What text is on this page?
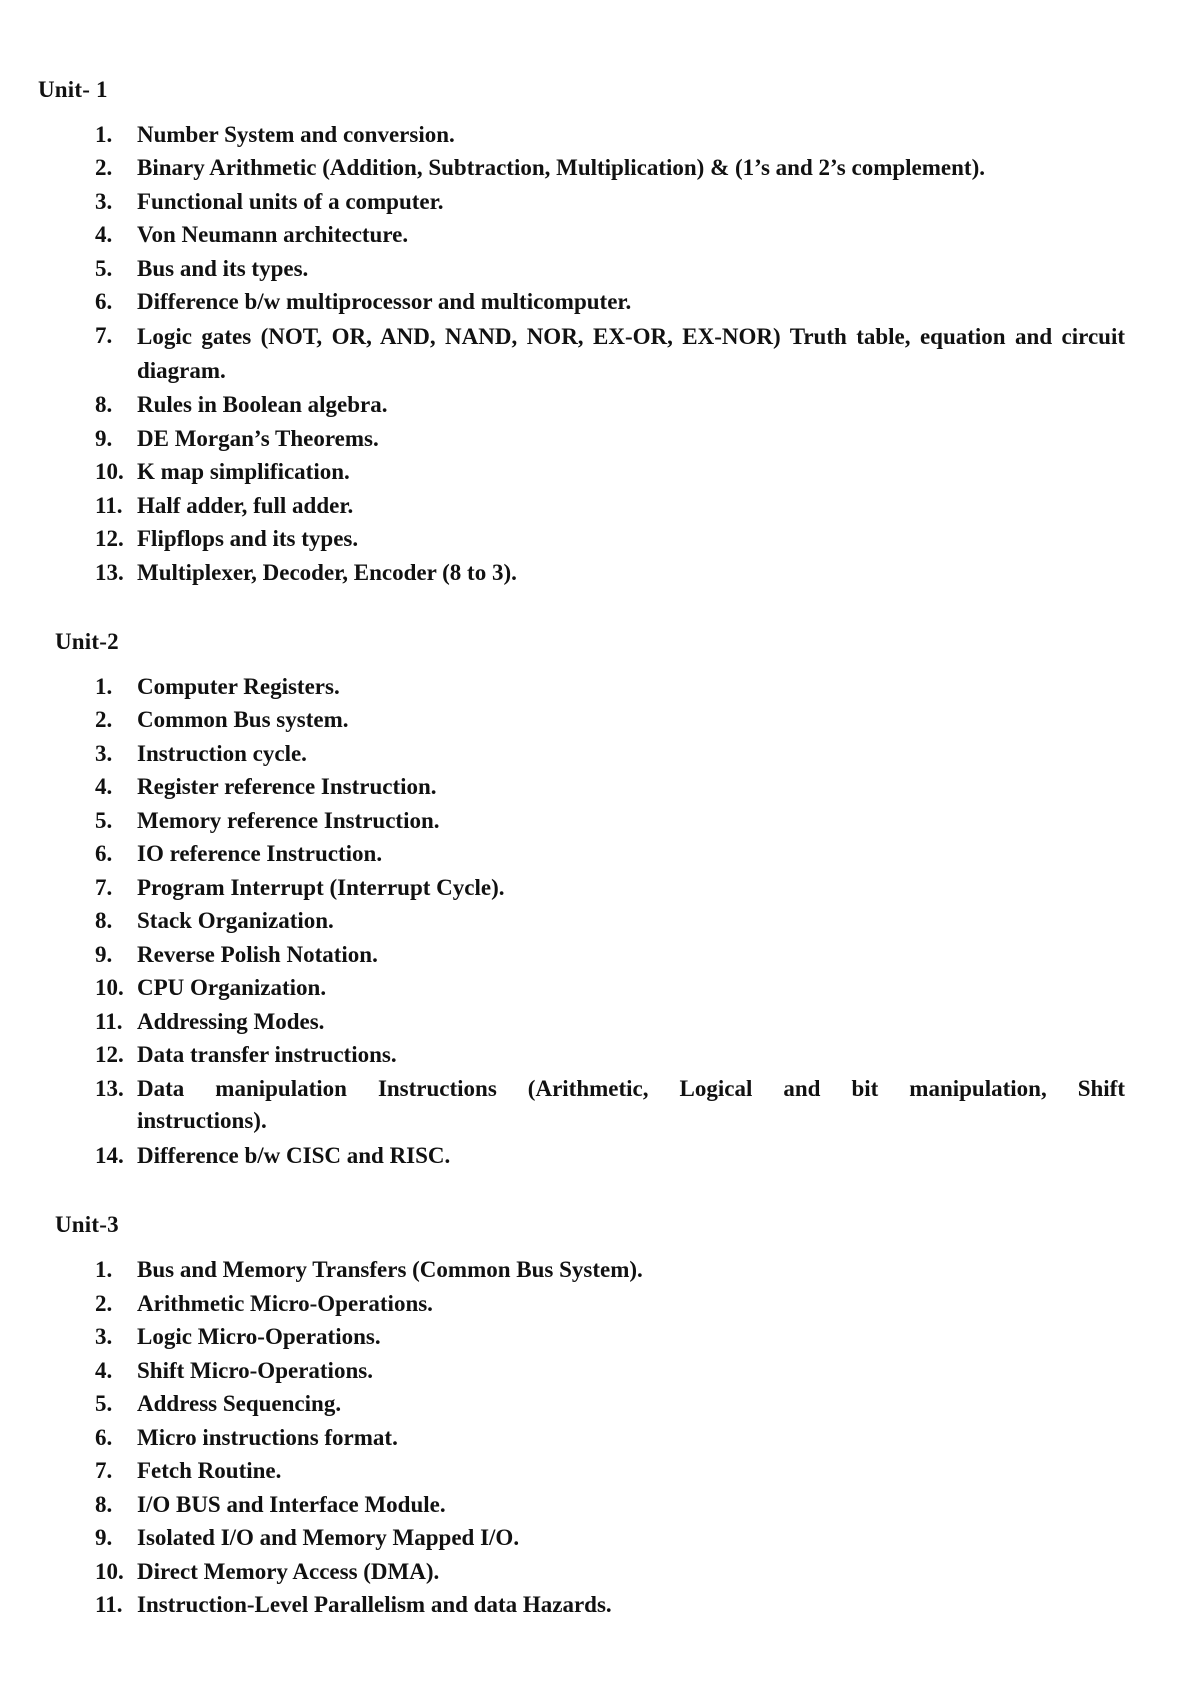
Unit- 1
1.	Number System and conversion.
2.	Binary Arithmetic (Addition, Subtraction, Multiplication) & (1’s and 2’s complement).
3.	Functional units of a computer.
4.	Von Neumann architecture.
5.	Bus and its types.
6.	Difference b/w multiprocessor and multicomputer.
7.	Logic gates (NOT, OR, AND, NAND, NOR, EX-OR, EX-NOR) Truth table, equation and circuit diagram.
8.	Rules in Boolean algebra.
9.	DE Morgan’s Theorems.
10. K map simplification.
11. Half adder, full adder.
12. Flipflops and its types.
13. Multiplexer, Decoder, Encoder (8 to 3).
Unit-2
1.	Computer Registers.
2.	Common Bus system.
3.	Instruction cycle.
4.	Register reference Instruction.
5.	Memory reference Instruction.
6.	IO reference Instruction.
7.	Program Interrupt (Interrupt Cycle).
8.	Stack Organization.
9.	Reverse Polish Notation.
10. CPU Organization.
11. Addressing Modes.
12. Data transfer instructions.
13. Data manipulation Instructions (Arithmetic, Logical and bit manipulation, Shift instructions).
14. Difference b/w CISC and RISC.
Unit-3
1.	Bus and Memory Transfers (Common Bus System).
2.	Arithmetic Micro-Operations.
3.	Logic Micro-Operations.
4.	Shift Micro-Operations.
5.	Address Sequencing.
6.	Micro instructions format.
7.	Fetch Routine.
8.	I/O BUS and Interface Module.
9.	Isolated I/O and Memory Mapped I/O.
10. Direct Memory Access (DMA).
11. Instruction-Level Parallelism and data Hazards.
